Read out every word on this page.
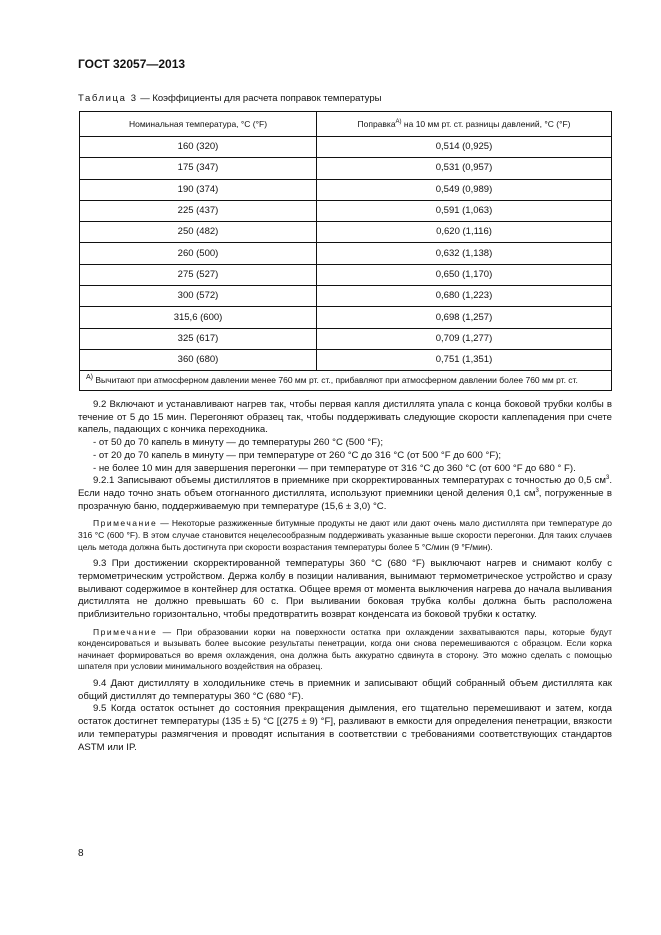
ГОСТ 32057—2013
Таблица 3 — Коэффициенты для расчета поправок температуры
Номинальная температура, °С (°F)	Поправка$^{А)}$ на 10 мм рт. ст. разницы давлений, °С (°F)
160 (320)	0,514 (0,925)
175 (347)	0,531 (0,957)
190 (374)	0,549 (0,989)
225 (437)	0,591 (1,063)
250 (482)	0,620 (1,116)
260 (500)	0,632 (1,138)
275 (527)	0,650 (1,170)
300 (572)	0,680 (1,223)
315,6 (600)	0,698 (1,257)
325 (617)	0,709 (1,277)
360 (680)	0,751 (1,351)
$^{А)}$ Вычитают при атмосферном давлении менее 760 мм рт. ст., прибавляют при атмосферном давлении более 760 мм рт. ст.	

9.2 Включают и устанавливают нагрев так, чтобы первая капля дистиллята упала с конца боковой трубки колбы в течение от 5 до 15 мин. Перегоняют образец так, чтобы поддерживать следующие скорости каплепадения при счете капель, падающих с кончика переходника.

- от 50 до 70 капель в минуту — до температуры 260 °С (500 °F);

- от 20 до 70 капель в минуту — при температуре от 260 °С до 316 °С (от 500 °F до 600 °F);

- не более 10 мин для завершения перегонки — при температуре от 316 °С до 360 °С (от 600 °F до 680 ° F).

9.2.1 Записывают объемы дистиллятов в приемнике при скорректированных температурах с точностью до 0,5 $см^3$. Если надо точно знать объем отогнанного дистиллята, используют приемники ценой деления 0,1 $см^3$, погруженные в прозрачную баню, поддерживаемую при температуре (15,6 ± 3,0) °С.

Примечание — Некоторые разжиженные битумные продукты не дают или дают очень мало дистиллята при температуре до 316 °С (600 °F). В этом случае становится нецелесообразным поддерживать указанные выше скорости перегонки. Для таких случаев цель метода должна быть достигнута при скорости возрастания температуры более 5 °С/мин (9 °F/мин).

9.3 При достижении скорректированной температуры 360 °С (680 °F) выключают нагрев и снимают колбу с термометрическим устройством. Держа колбу в позиции наливания, вынимают термометрическое устройство и сразу выливают содержимое в контейнер для остатка. Общее время от момента выключения нагрева до начала выливания дистиллята не должно превышать 60 с. При выливании боковая трубка колбы должна быть расположена приблизительно горизонтально, чтобы предотвратить возврат конденсата из боковой трубки к остатку.

Примечание — При образовании корки на поверхности остатка при охлаждении захватываются пары, которые будут конденсироваться и вызывать более высокие результаты пенетрации, когда они снова перемешиваются с образцом. Если корка начинает формироваться во время охлаждения, она должна быть аккуратно сдвинута в сторону. Это можно сделать с помощью шпателя при условии минимального воздействия на образец.

9.4 Дают дистилляту в холодильнике стечь в приемник и записывают общий собранный объем дистиллята как общий дистиллят до температуры 360 °С (680 °F).

9.5 Когда остаток остынет до состояния прекращения дымления, его тщательно перемешивают и затем, когда остаток достигнет температуры (135 ± 5) °С [(275 ± 9) °F], разливают в емкости для определения пенетрации, вязкости или температуры размягчения и проводят испытания в соответствии с требованиями соответствующих стандартов ASTM или IP.

8
